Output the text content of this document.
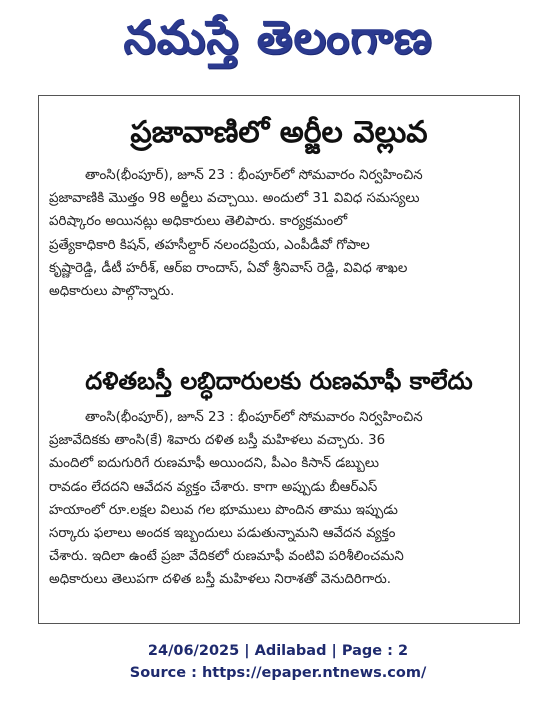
నమస్తే తెలంగాణ
ప్రజావాణిలో అర్జీల వెల్లువ
తాంసి(భీంపూర్), జూన్ 23 : భీంపూర్‌లో సోమవారం నిర్వహించిన
ప్రజావాణికి మొత్తం 98 అర్జీలు వచ్చాయి. అందులో 31 వివిధ సమస్యలు
పరిష్కారం అయినట్లు అధికారులు తెలిపారు. కార్యక్రమంలో
ప్రత్యేకాధికారి కిషన్, తహసీల్దార్ నలందప్రియ, ఎంపీడీవో గోపాల
కృష్ణారెడ్డి, డీటీ హరీశ్, ఆర్ఐ రాందాస్, ఏవో శ్రీనివాస్ రెడ్డి, వివిధ శాఖల
అధికారులు పాల్గొన్నారు.
దళితబస్తీ లబ్ధిదారులకు రుణమాఫీ కాలేదు
తాంసి(భీంపూర్), జూన్ 23 : భీంపూర్‌లో సోమవారం నిర్వహించిన
ప్రజావేదికకు తాంసి(కే) శివారు దళిత బస్తీ మహిళలు వచ్చారు. 36
మందిలో ఐదుగురిగే రుణమాఫీ అయిందని, పీఎం కిసాన్ డబ్బులు
రావడం లేదదని ఆవేదన వ్యక్తం చేశారు. కాగా అప్పుడు బీఆర్ఎస్
హయాంలో రూ.లక్షల విలువ గల భూములు పొందిన తాము ఇప్పుడు
సర్కారు ఫలాలు అందక ఇబ్బందులు పడుతున్నామని ఆవేదన వ్యక్తం
చేశారు. ఇదిలా ఉంటే ప్రజా వేదికలో రుణమాఫీ వంటివి పరిశీలించమని
అధికారులు తెలుపగా దళిత బస్తీ మహిళలు నిరాశతో వెనుదిరిగారు.
24/06/2025 | Adilabad | Page : 2
Source : https://epaper.ntnews.com/
